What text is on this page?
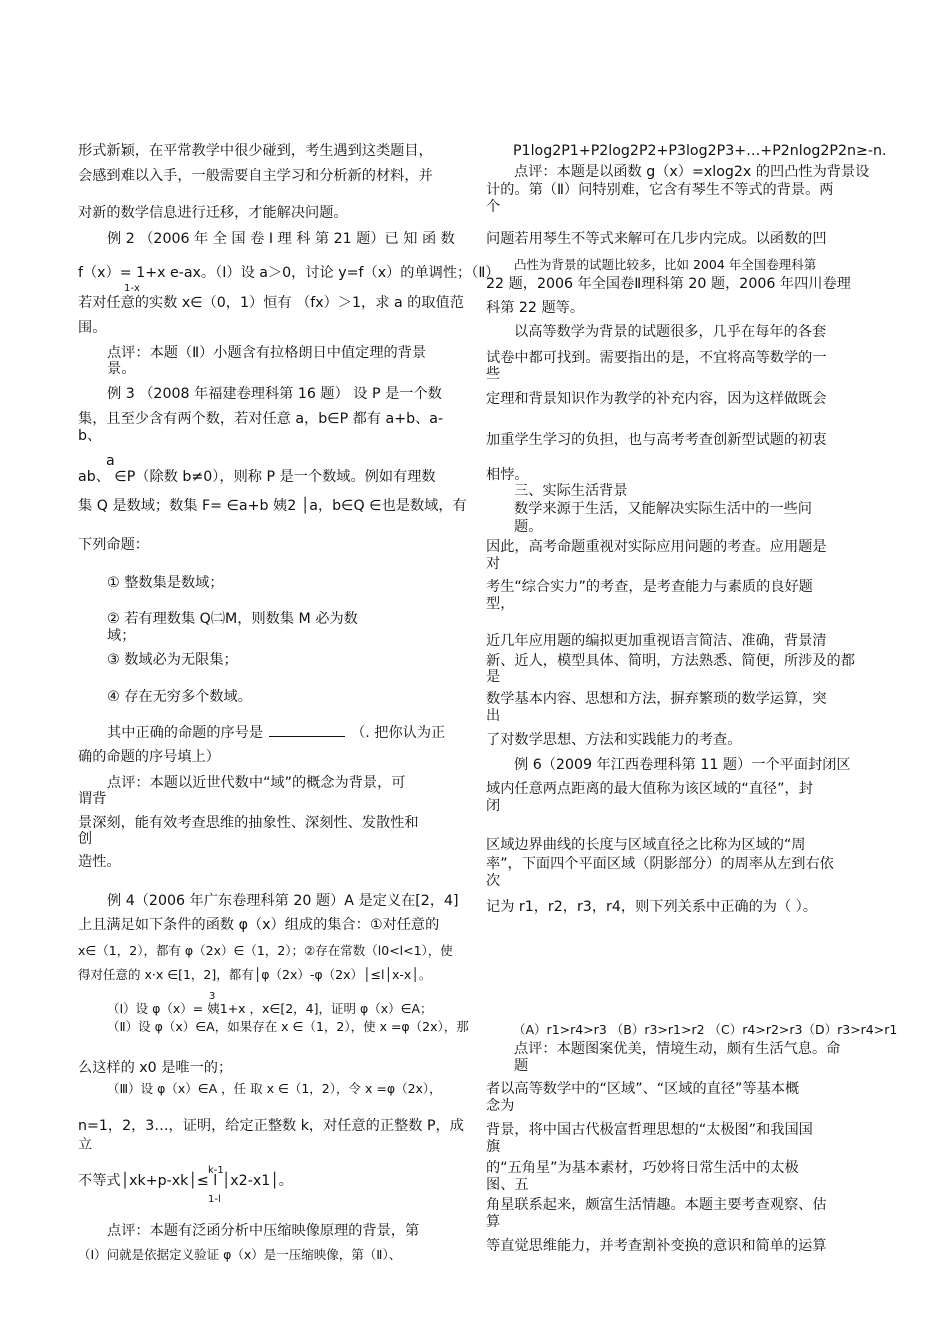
形式新颖，在平常教学中很少碰到，考生遇到这类题目，
会感到难以入手，一般需要自主学习和分析新的材料，并
对新的数学信息进行迁移，才能解决问题。
例 2 （2006 年 全 国 卷 Ⅰ 理 科 第 21 题）已 知 函 数
f（x）= 1+x e-ax。（Ⅰ）设 a＞0，讨论 y=f（x）的单调性；（Ⅱ）
1-x
若对任意的实数 x∈（0，1）恒有 （fx）＞1，求 a 的取值范
围。
点评：本题（Ⅱ）小题含有拉格朗日中值定理的背景
景。
例 3 （2008 年福建卷理科第 16 题） 设 P 是一个数
集，且至少含有两个数，若对任意 a，b∈P 都有 a+b、a-
b、
a
ab、 ∈P（除数 b≠0），则称 P 是一个数域。例如有理数
集 Q 是数域；数集 F= ∈a+b 姨2 │a，b∈Q ∈也是数域，有
下列命题：
① 整数集是数域；
② 若有理数集 Q㈡M，则数集 M 必为数
域；
③ 数域必为无限集；
④ 存在无穷多个数域。
其中正确的命题的序号是	（. 把你认为正
确的命题的序号填上）
点评：本题以近世代数中“域”的概念为背景，可
谓背
景深刻，能有效考查思维的抽象性、深刻性、发散性和
创
造性。
例 4（2006 年广东卷理科第 20 题）A 是定义在[2，4]
上且满足如下条件的函数 φ（x）组成的集合：①对任意的
x∈（1，2），都有 φ（2x）∈（1，2）；②存在常数（l0<l<1），使
得对任意的 x·x ∈[1，2]，都有│φ（2x）-φ（2x）│≤l│x-x│。
3
（Ⅰ）设 φ（x）= 姨1+x ，x∈[2，4]，证明 φ（x）∈A；
（Ⅱ）设 φ（x）∈A，如果存在 x ∈（1，2），使 x =φ（2x），那
么这样的 x0 是唯一的；
（Ⅲ）设 φ（x）∈A ，任 取 x ∈（1，2），令 x =φ（2x），
n=1，2，3…，证明，给定正整数 k，对任意的正整数 P，成
立
k-1
不等式│xk+p-xk│≤ l │x2-x1│。
1-l
点评：本题有泛函分析中压缩映像原理的背景，第
（Ⅰ）问就是依据定义验证 φ（x）是一压缩映像，第（Ⅱ）、
P1log2P1+P2log2P2+P3log2P3+…+P2nlog2P2n≥-n.
点评：本题是以函数 g（x）=xlog2x 的凹凸性为背景设
计的。第（Ⅱ）问特别难，它含有琴生不等式的背景。两
个
问题若用琴生不等式来解可在几步内完成。以函数的凹
凸性为背景的试题比较多，比如 2004 年全国卷理科第
22 题，2006 年全国卷Ⅱ理科第 20 题，2006 年四川卷理
科第 22 题等。
以高等数学为背景的试题很多，几乎在每年的各套
试卷中都可找到。需要指出的是，不宜将高等数学的一
些
定理和背景知识作为教学的补充内容，因为这样做既会
加重学生学习的负担，也与高考考查创新型试题的初衷
相悖。
三、实际生活背景
数学来源于生活，又能解决实际生活中的一些问
题。
因此，高考命题重视对实际应用问题的考查。应用题是
对
考生“综合实力”的考查，是考查能力与素质的良好题
型，
近几年应用题的编拟更加重视语言简洁、准确，背景清
新、近人，模型具体、简明，方法熟悉、简便，所涉及的都
是
数学基本内容、思想和方法，摒弃繁琐的数学运算，突
出
了对数学思想、方法和实践能力的考查。
例 6（2009 年江西卷理科第 11 题）一个平面封闭区
域内任意两点距离的最大值称为该区域的“直径”，封
闭
区域边界曲线的长度与区域直径之比称为区域的“周
率”，下面四个平面区域（阴影部分）的周率从左到右依
次
记为 r1，r2，r3，r4，则下列关系中正确的为（ ）。
（A）r1>r4>r3 （B）r3>r1>r2 （C）r4>r2>r3（D）r3>r4>r1
点评：本题图案优美，情境生动，颇有生活气息。命
题
者以高等数学中的“区域”、“区域的直径”等基本概
念为
背景，将中国古代极富哲理思想的“太极图”和我国国
旗
的“五角星”为基本素材，巧妙将日常生活中的太极
图、五
角星联系起来，颇富生活情趣。本题主要考查观察、估
算
等直觉思维能力，并考查割补变换的意识和简单的运算
